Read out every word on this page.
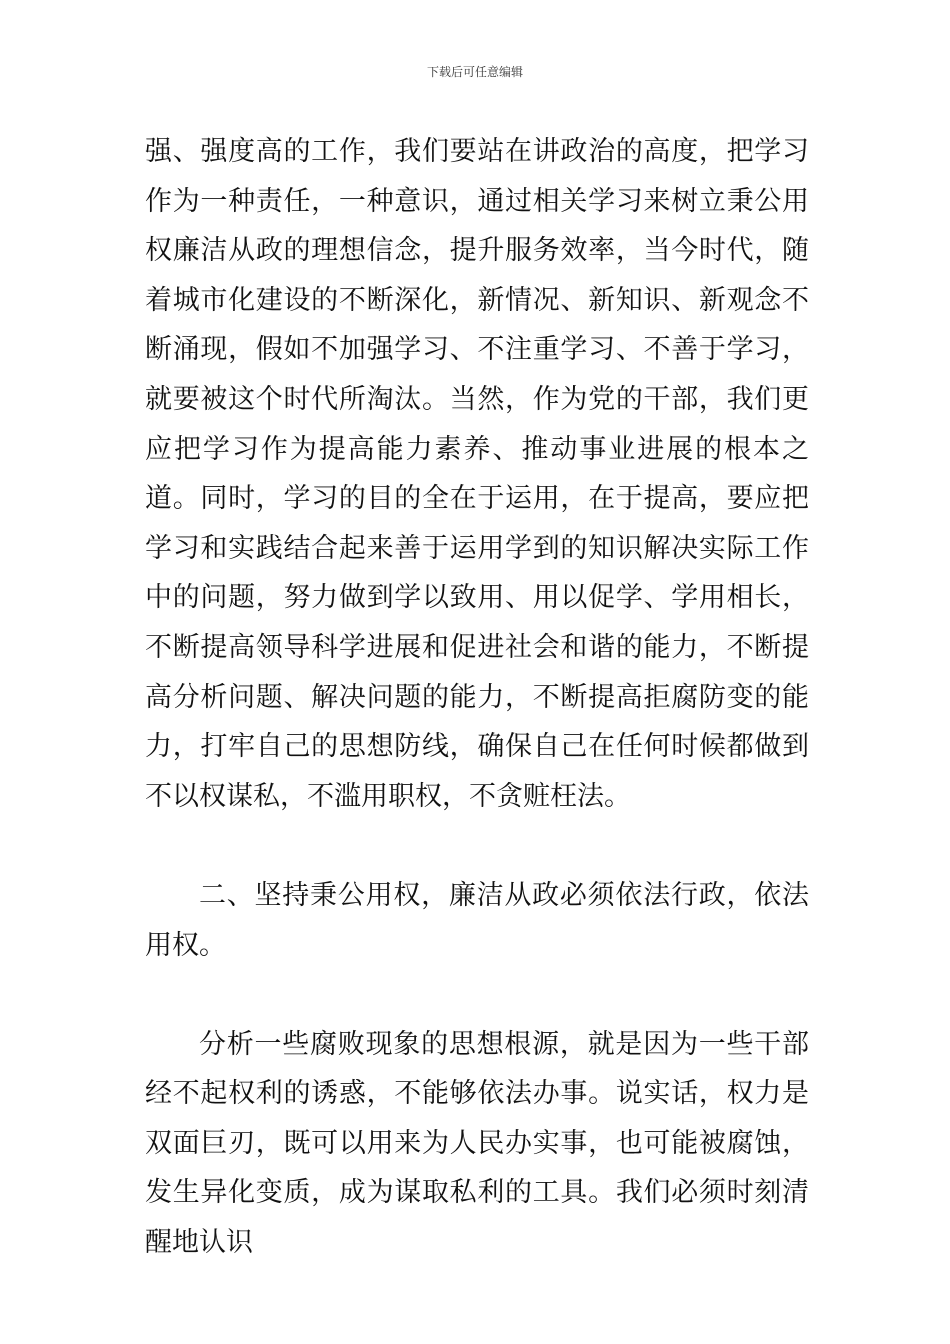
下载后可任意编辑

强、强度高的工作，我们要站在讲政治的高度，把学习作为一种责任，一种意识，通过相关学习来树立秉公用权廉洁从政的理想信念，提升服务效率，当今时代，随着城市化建设的不断深化，新情况、新知识、新观念不断涌现，假如不加强学习、不注重学习、不善于学习，就要被这个时代所淘汰。当然，作为党的干部，我们更应把学习作为提高能力素养、推动事业进展的根本之道。同时，学习的目的全在于运用，在于提高，要应把学习和实践结合起来善于运用学到的知识解决实际工作中的问题，努力做到学以致用、用以促学、学用相长，不断提高领导科学进展和促进社会和谐的能力，不断提高分析问题、解决问题的能力，不断提高拒腐防变的能力，打牢自己的思想防线，确保自己在任何时候都做到不以权谋私，不滥用职权，不贪赃枉法。

二、坚持秉公用权，廉洁从政必须依法行政，依法用权。

分析一些腐败现象的思想根源，就是因为一些干部经不起权利的诱惑，不能够依法办事。说实话，权力是双面巨刃，既可以用来为人民办实事，也可能被腐蚀，发生异化变质，成为谋取私利的工具。我们必须时刻清醒地认识
